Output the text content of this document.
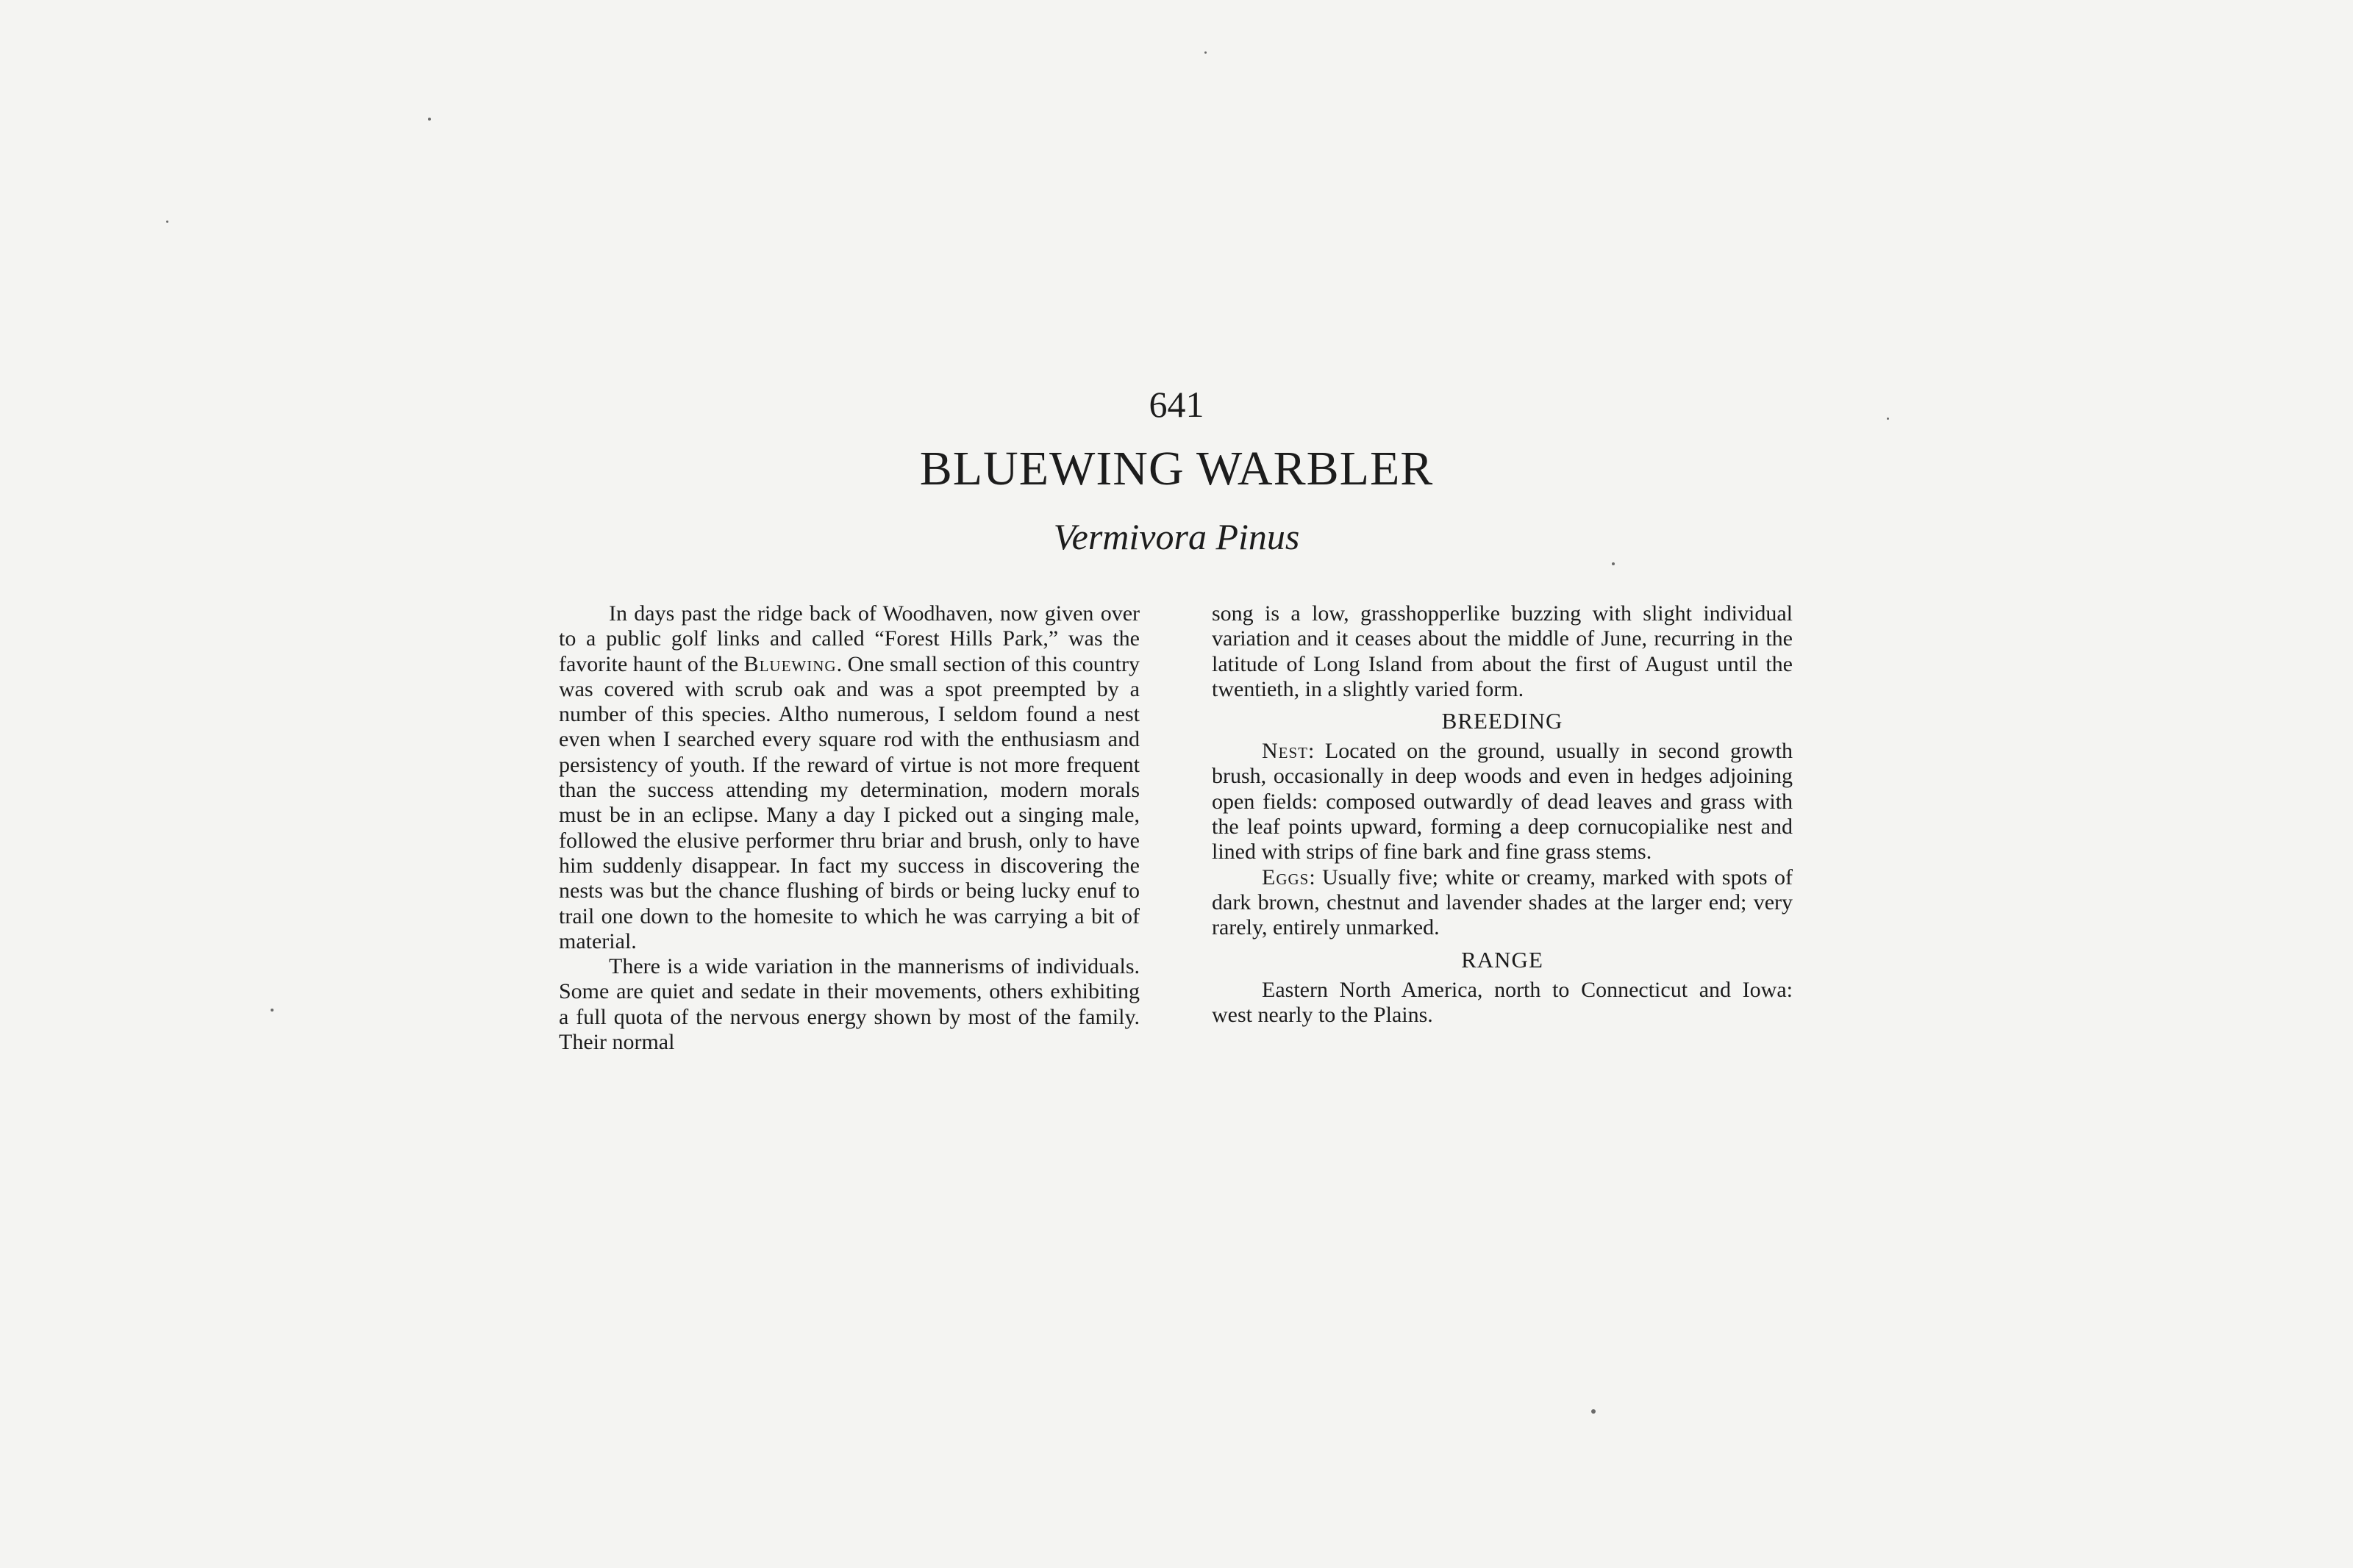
641
BLUEWING WARBLER
Vermivora Pinus

In days past the ridge back of Woodhaven, now given over to a public golf links and called “Forest Hills Park,” was the favorite haunt of the Bluewing. One small section of this country was covered with scrub oak and was a spot preempted by a number of this species. Altho numerous, I seldom found a nest even when I searched every square rod with the enthusiasm and persistency of youth. If the reward of virtue is not more frequent than the success attending my determination, modern morals must be in an eclipse. Many a day I picked out a singing male, followed the elusive performer thru briar and brush, only to have him suddenly disappear. In fact my success in discovering the nests was but the chance flushing of birds or being lucky enuf to trail one down to the homesite to which he was carrying a bit of material.

There is a wide variation in the mannerisms of individuals. Some are quiet and sedate in their movements, others exhibiting a full quota of the nervous energy shown by most of the family. Their normal

song is a low, grasshopperlike buzzing with slight individual variation and it ceases about the middle of June, recurring in the latitude of Long Island from about the first of August until the twentieth, in a slightly varied form.

BREEDING

Nest: Located on the ground, usually in second growth brush, occasionally in deep woods and even in hedges adjoining open fields: composed outwardly of dead leaves and grass with the leaf points upward, forming a deep cornucopialike nest and lined with strips of fine bark and fine grass stems.

Eggs: Usually five; white or creamy, marked with spots of dark brown, chestnut and lavender shades at the larger end; very rarely, entirely unmarked.

RANGE

Eastern North America, north to Connecticut and Iowa: west nearly to the Plains.
